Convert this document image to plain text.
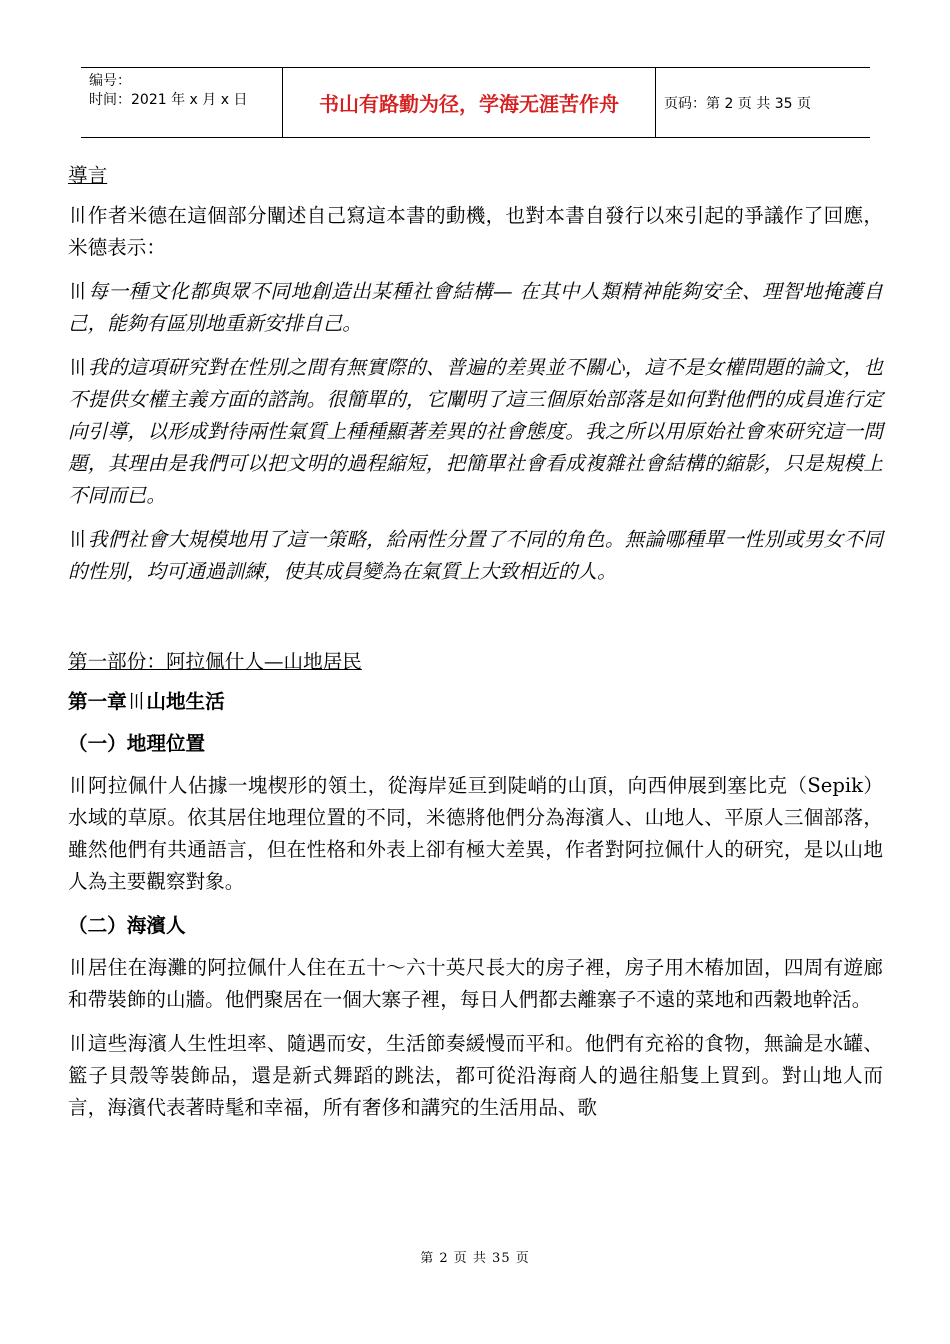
编号：
时间：2021 年 x 月 x 日	书山有路勤为径，学海无涯苦作舟	页码：第 2 页 共 35 页
導言

〣 作者米德在這個部分闡述自己寫這本書的動機，也對本書自發行以來引起的爭議作了回應，米德表示：

〣 每一種文化都與眾不同地創造出某種社會結構— 在其中人類精神能夠安全、理智地掩護自己，能夠有區別地重新安排自己。

〣 我的這項研究對在性別之間有無實際的、普遍的差異並不關心，這不是女權問題的論文，也不提供女權主義方面的諮詢。很簡單的，它闡明了這三個原始部落是如何對他們的成員進行定向引導，以形成對待兩性氣質上種種顯著差異的社會態度。我之所以用原始社會來研究這一問題，其理由是我們可以把文明的過程縮短，把簡單社會看成複雜社會結構的縮影，只是規模上不同而已。

〣 我們社會大規模地用了這一策略，給兩性分置了不同的角色。無論哪種單一性別或男女不同的性別，均可通過訓練，使其成員變為在氣質上大致相近的人。

第一部份：阿拉佩什人—山地居民
第一章〣 山地生活
（一）地理位置

〣 阿拉佩什人佔據一塊楔形的領土，從海岸延亘到陡峭的山頂，向西伸展到塞比克（Sepik）水域的草原。依其居住地理位置的不同，米德將他們分為海濱人、山地人、平原人三個部落，雖然他們有共通語言，但在性格和外表上卻有極大差異，作者對阿拉佩什人的研究，是以山地人為主要觀察對象。

（二）海濱人

〣 居住在海灘的阿拉佩什人住在五十～六十英尺長大的房子裡，房子用木樁加固，四周有遊廊和帶裝飾的山牆。他們聚居在一個大寨子裡，每日人們都去離寨子不遠的菜地和西穀地幹活。

〣 這些海濱人生性坦率、隨遇而安，生活節奏緩慢而平和。他們有充裕的食物，無論是水罐、籃子貝殼等裝飾品，還是新式舞蹈的跳法，都可從沿海商人的過往船隻上買到。對山地人而言，海濱代表著時髦和幸福，所有奢侈和講究的生活用品、歌

第 2 页 共 35 页
